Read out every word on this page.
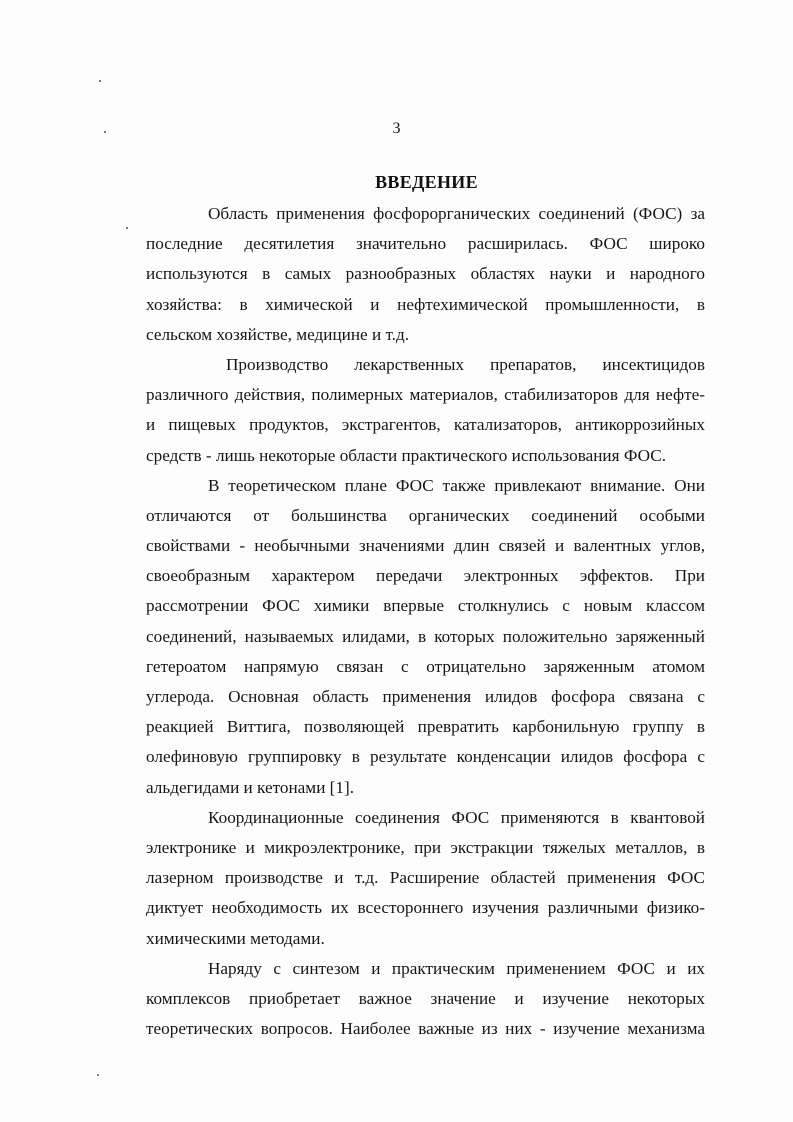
3
ВВЕДЕНИЕ
Область применения фосфорорганических соединений (ФОС) за
последние десятилетия значительно расширилась. ФОС широко
используются в самых разнообразных областях науки и народного
хозяйства: в химической и нефтехимической промышленности, в
сельском хозяйстве, медицине и т.д.
Производство лекарственных препаратов, инсектицидов
различного действия, полимерных материалов, стабилизаторов для нефте-
и пищевых продуктов, экстрагентов, катализаторов, антикоррозийных
средств - лишь некоторые области практического использования ФОС.
В теоретическом плане ФОС также привлекают внимание. Они
отличаются от большинства органических соединений особыми
свойствами - необычными значениями длин связей и валентных углов,
своеобразным характером передачи электронных эффектов. При
рассмотрении ФОС химики впервые столкнулись с новым классом
соединений, называемых илидами, в которых положительно заряженный
гетероатом напрямую связан с отрицательно заряженным атомом
углерода. Основная область применения илидов фосфора связана с
реакцией Виттига, позволяющей превратить карбонильную группу в
олефиновую группировку в результате конденсации илидов фосфора с
альдегидами и кетонами [1].
Координационные соединения ФОС применяются в квантовой
электронике и микроэлектронике, при экстракции тяжелых металлов, в
лазерном производстве и т.д. Расширение областей применения ФОС
диктует необходимость их всестороннего изучения различными физико-
химическими методами.
Наряду с синтезом и практическим применением ФОС и их
комплексов приобретает важное значение и изучение некоторых
теоретических вопросов. Наиболее важные из них - изучение механизма
